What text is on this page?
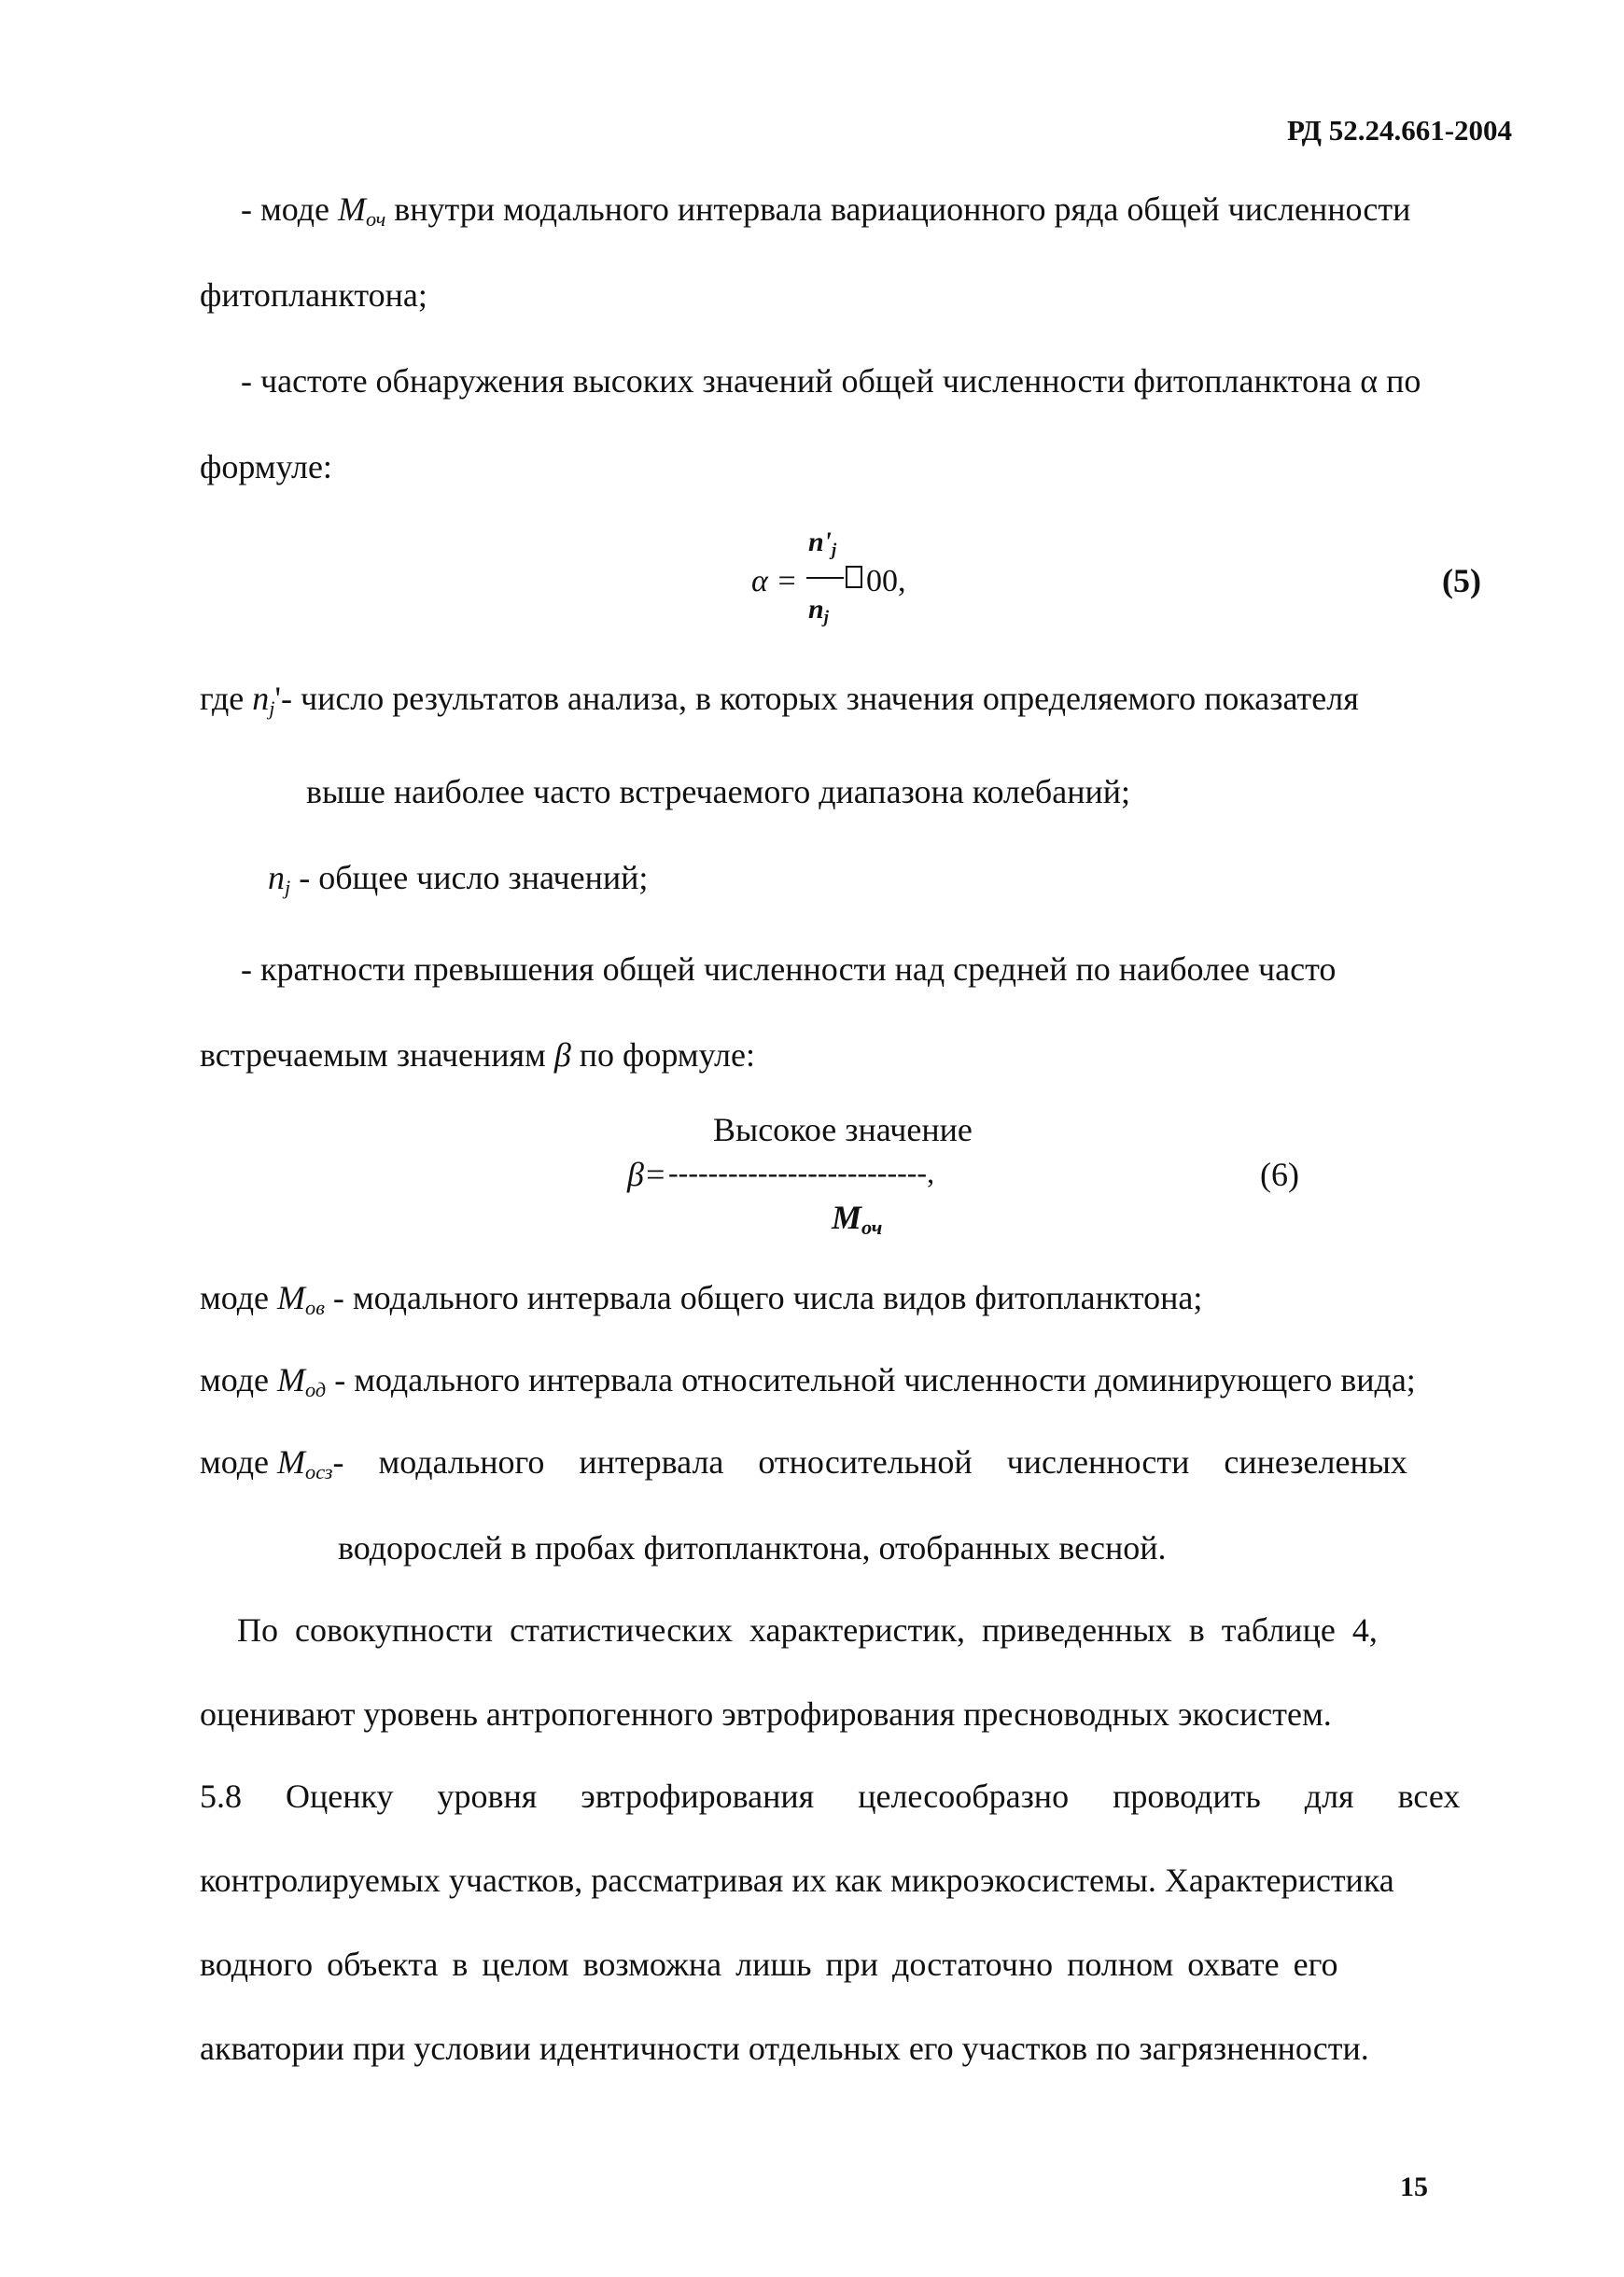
РД 52.24.661-2004
- моде $M_{оч}$ внутри модального интервала вариационного ряда общей численности
фитопланктона;
- частоте обнаружения высоких значений общей численности фитопланктона α по
формуле:
α =
$n'_j$
$n_j$
00,	(5)
где $n_j'-$ число результатов анализа, в которых значения определяемого показателя
выше наиболее часто встречаемого диапазона колебаний;
$n_j$ - общее число значений;
- кратности превышения общей численности над средней по наиболее часто
встречаемым значениям β по формуле:
Высокое значение
β= --------------------------,
$M_{оч}$
(6)
моде $M_{ов}$ - модального интервала общего числа видов фитопланктона;
моде $M_{од}$ - модального интервала относительной численности доминирующего вида;
моде $M_{осз}-$ модального интервала относительной численности синезеленых
водорослей в пробах фитопланктона, отобранных весной.
По совокупности статистических характеристик, приведенных в таблице 4,
оценивают уровень антропогенного эвтрофирования пресноводных экосистем.
5.8 Оценку уровня эвтрофирования целесообразно проводить для всех
контролируемых участков, рассматривая их как микроэкосистемы. Характеристика
водного объекта в целом возможна лишь при достаточно полном охвате его
акватории при условии идентичности отдельных его участков по загрязненности.
15
